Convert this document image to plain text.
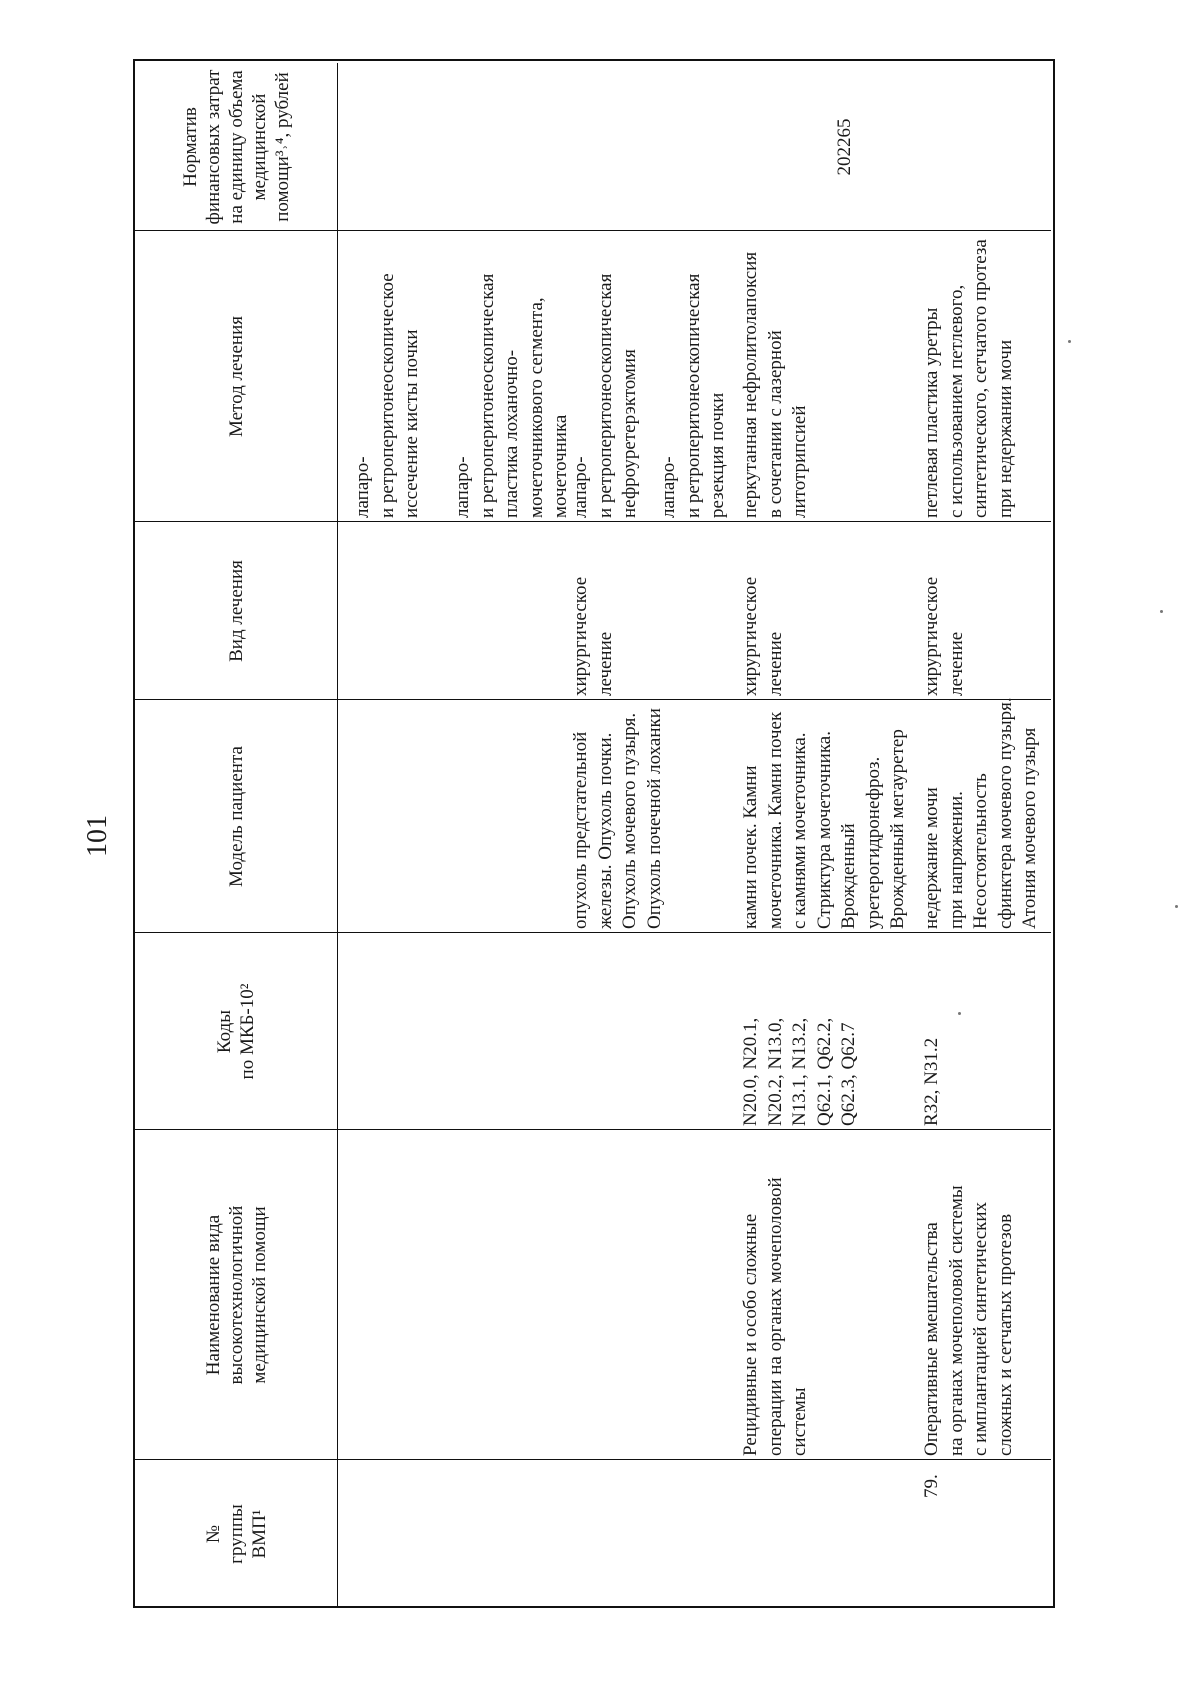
101
№
группы
ВМП¹
Наименование вида
высокотехнологичной
медицинской помощи
Коды
по МКБ-10²
Модель пациента
Вид лечения
Метод лечения
Норматив
финансовых затрат
на единицу объема
медицинской
помощи³˒⁴, рублей
лапаро-
и ретроперитонеоскопическое
иссечение кисты почки
лапаро-
и ретроперитонеоскопическая
пластика лоханочно-
мочеточникового сегмента,
мочеточника
опухоль предстательной
железы. Опухоль почки.
Опухоль мочевого пузыря.
Опухоль почечной лоханки
хирургическое
лечение
лапаро-
и ретроперитонеоскопическая
нефроуретерэктомия лапаро-
и ретроперитонеоскопическая
резекция почки
Рецидивные и особо сложные
операции на органах мочеполовой
системы
N20.0, N20.1,
N20.2, N13.0,
N13.1, N13.2,
Q62.1, Q62.2,
Q62.3, Q62.7
камни почек. Камни
мочеточника. Камни почек
с камнями мочеточника.
Стриктура мочеточника.
Врожденный
уретерогидронефроз.
Врожденный мегауретер
хирургическое
лечение
перкутанная нефролитолапоксия
в сочетании с лазерной
литотрипсией
79.
Оперативные вмешательства
на органах мочеполовой системы
с имплантацией синтетических
сложных и сетчатых протезов
R32, N31.2
недержание мочи
при напряжении.
Несостоятельность
сфинктера мочевого пузыря.
Атония мочевого пузыря
хирургическое
лечение
петлевая пластика уретры
с использованием петлевого,
синтетического, сетчатого протеза
при недержании мочи
202265
